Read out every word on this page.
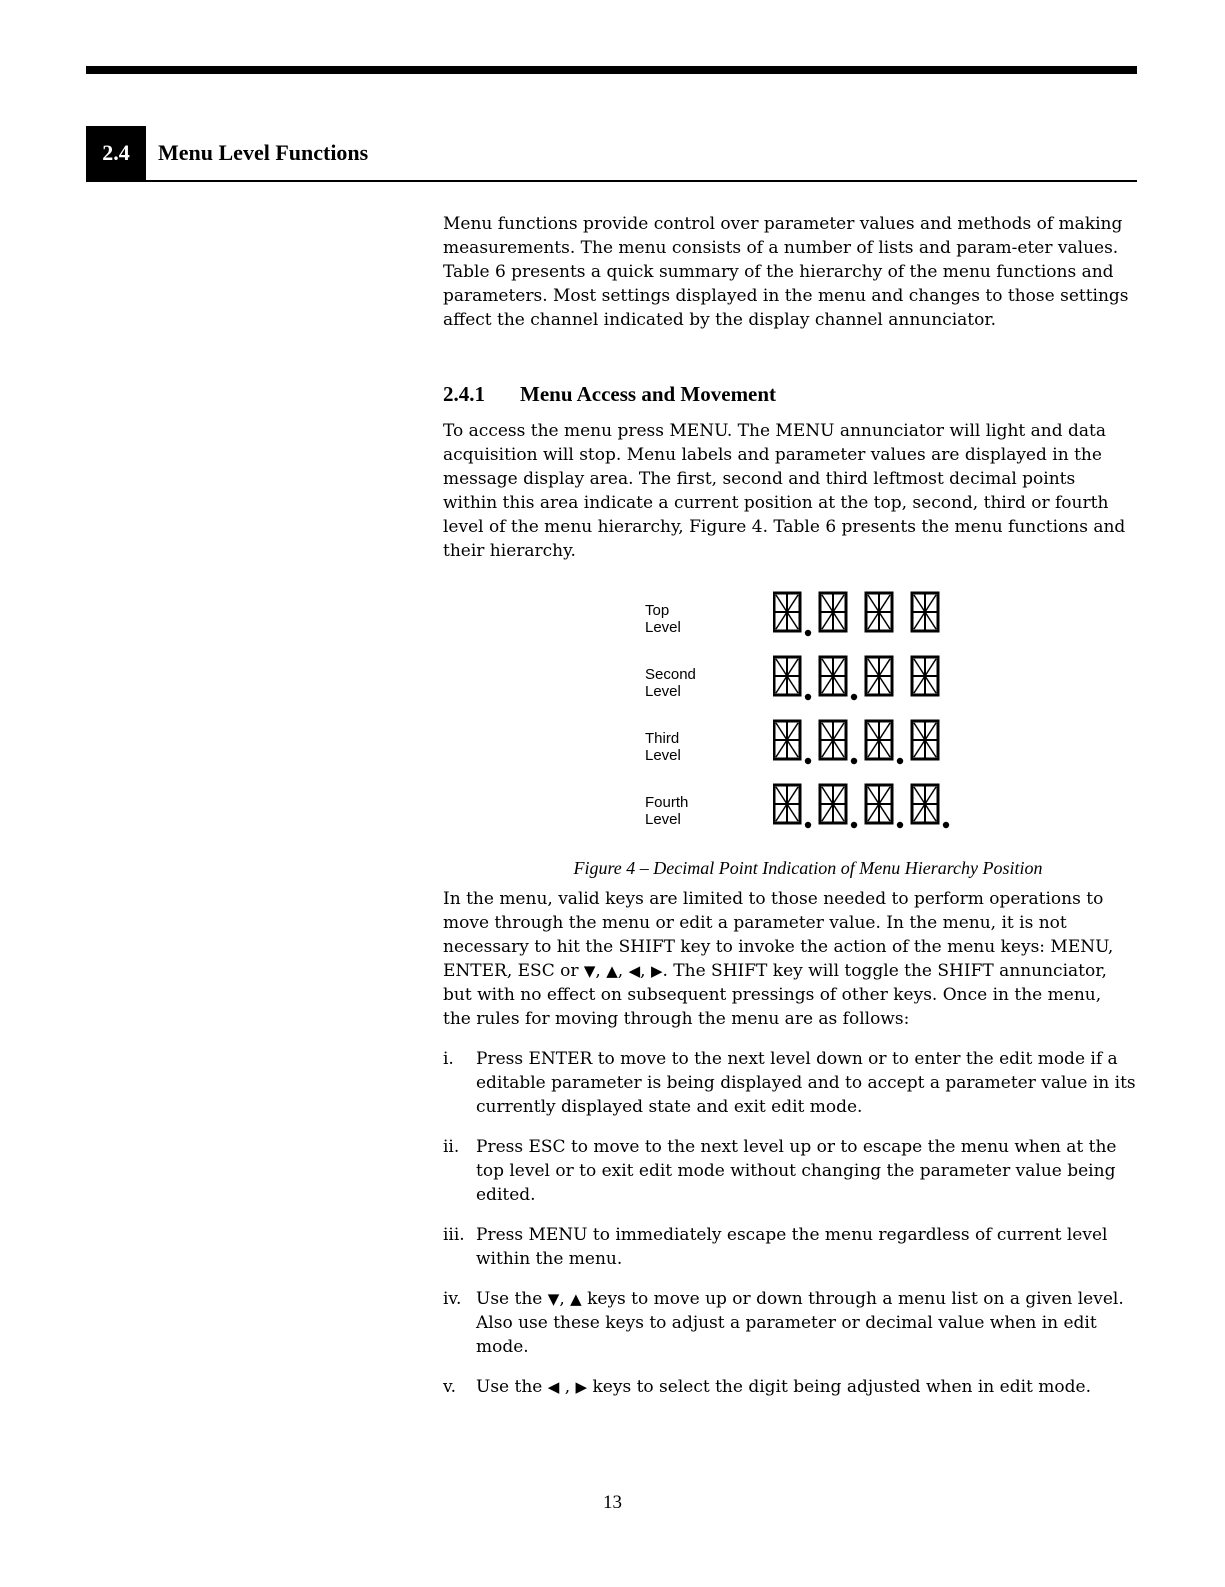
2.4	Menu Level Functions

Menu functions provide control over parameter values and methods of making measurements. The menu consists of a number of lists and param-eter values. Table 6 presents a quick summary of the hierarchy of the menu functions and parameters. Most settings displayed in the menu and changes to those settings affect the channel indicated by the display channel annunciator.

2.4.1 Menu Access and Movement

To access the menu press MENU. The MENU annunciator will light and data acquisition will stop. Menu labels and parameter values are displayed in the message display area. The first, second and third leftmost decimal points within this area indicate a current position at the top, second, third or fourth level of the menu hierarchy, Figure 4. Table 6 presents the menu functions and their hierarchy.

Top Level
Second Level
Third Level
Fourth Level
Figure 4 – Decimal Point Indication of Menu Hierarchy Position

In the menu, valid keys are limited to those needed to perform operations to move through the menu or edit a parameter value. In the menu, it is not necessary to hit the SHIFT key to invoke the action of the menu keys: MENU, ENTER, ESC or ▼, ▲, ◀, ▶. The SHIFT key will toggle the SHIFT annunciator, but with no effect on subsequent pressings of other keys. Once in the menu, the rules for moving through the menu are as follows:

i. Press ENTER to move to the next level down or to enter the edit mode if a editable parameter is being displayed and to accept a parameter value in its currently displayed state and exit edit mode.
ii. Press ESC to move to the next level up or to escape the menu when at the top level or to exit edit mode without changing the parameter value being edited.
iii. Press MENU to immediately escape the menu regardless of current level within the menu.
iv. Use the ▼, ▲ keys to move up or down through a menu list on a given level. Also use these keys to adjust a parameter or decimal value when in edit mode.
v. Use the ◀ , ▶ keys to select the digit being adjusted when in edit mode.
13
